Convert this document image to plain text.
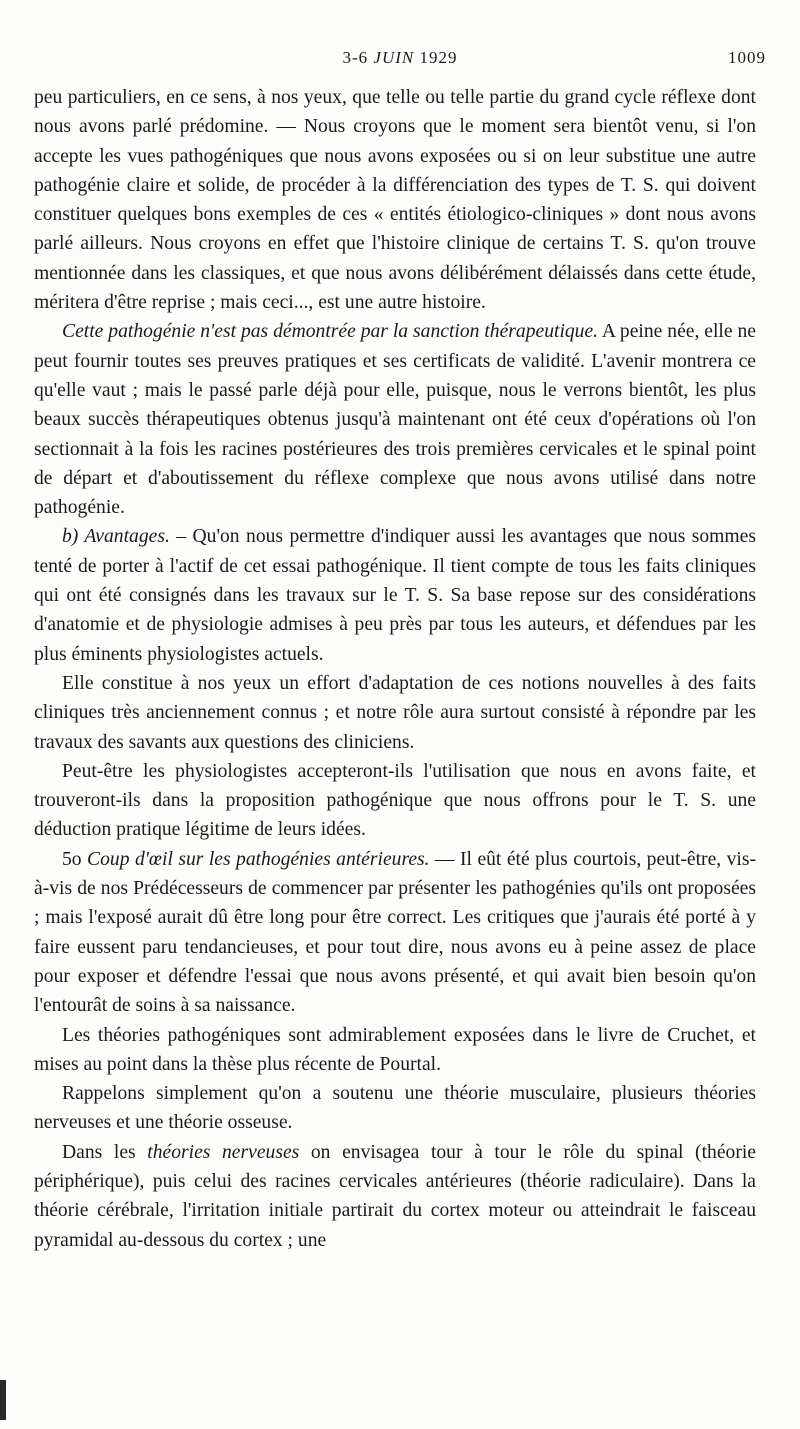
3-6 JUIN 1929	1009

peu particuliers, en ce sens, à nos yeux, que telle ou telle partie du grand cycle réflexe dont nous avons parlé prédomine. — Nous croyons que le moment sera bientôt venu, si l'on accepte les vues pathogéniques que nous avons exposées ou si on leur substitue une autre pathogénie claire et solide, de procéder à la différenciation des types de T. S. qui doivent constituer quelques bons exemples de ces « entités étiologico-cliniques » dont nous avons parlé ailleurs. Nous croyons en effet que l'histoire clinique de certains T. S. qu'on trouve mentionnée dans les classiques, et que nous avons délibérément délaissés dans cette étude, méritera d'être reprise ; mais ceci..., est une autre histoire.

Cette pathogénie n'est pas démontrée par la sanction thérapeutique. A peine née, elle ne peut fournir toutes ses preuves pratiques et ses certificats de validité. L'avenir montrera ce qu'elle vaut ; mais le passé parle déjà pour elle, puisque, nous le verrons bientôt, les plus beaux succès thérapeutiques obtenus jusqu'à maintenant ont été ceux d'opérations où l'on sectionnait à la fois les racines postérieures des trois premières cervicales et le spinal point de départ et d'aboutissement du réflexe complexe que nous avons utilisé dans notre pathogénie.

b) Avantages. – Qu'on nous permettre d'indiquer aussi les avantages que nous sommes tenté de porter à l'actif de cet essai pathogénique. Il tient compte de tous les faits cliniques qui ont été consignés dans les travaux sur le T. S. Sa base repose sur des considérations d'anatomie et de physiologie admises à peu près par tous les auteurs, et défendues par les plus éminents physiologistes actuels.

Elle constitue à nos yeux un effort d'adaptation de ces notions nouvelles à des faits cliniques très anciennement connus ; et notre rôle aura surtout consisté à répondre par les travaux des savants aux questions des cliniciens.

Peut-être les physiologistes accepteront-ils l'utilisation que nous en avons faite, et trouveront-ils dans la proposition pathogénique que nous offrons pour le T. S. une déduction pratique légitime de leurs idées.

5o Coup d'œil sur les pathogénies antérieures. — Il eût été plus courtois, peut-être, vis-à-vis de nos Prédécesseurs de commencer par présenter les pathogénies qu'ils ont proposées ; mais l'exposé aurait dû être long pour être correct. Les critiques que j'aurais été porté à y faire eussent paru tendancieuses, et pour tout dire, nous avons eu à peine assez de place pour exposer et défendre l'essai que nous avons présenté, et qui avait bien besoin qu'on l'entourât de soins à sa naissance.

Les théories pathogéniques sont admirablement exposées dans le livre de Cruchet, et mises au point dans la thèse plus récente de Pourtal.

Rappelons simplement qu'on a soutenu une théorie musculaire, plusieurs théories nerveuses et une théorie osseuse.

Dans les théories nerveuses on envisagea tour à tour le rôle du spinal (théorie périphérique), puis celui des racines cervicales antérieures (théorie radiculaire). Dans la théorie cérébrale, l'irritation initiale partirait du cortex moteur ou atteindrait le faisceau pyramidal au-dessous du cortex ; une
